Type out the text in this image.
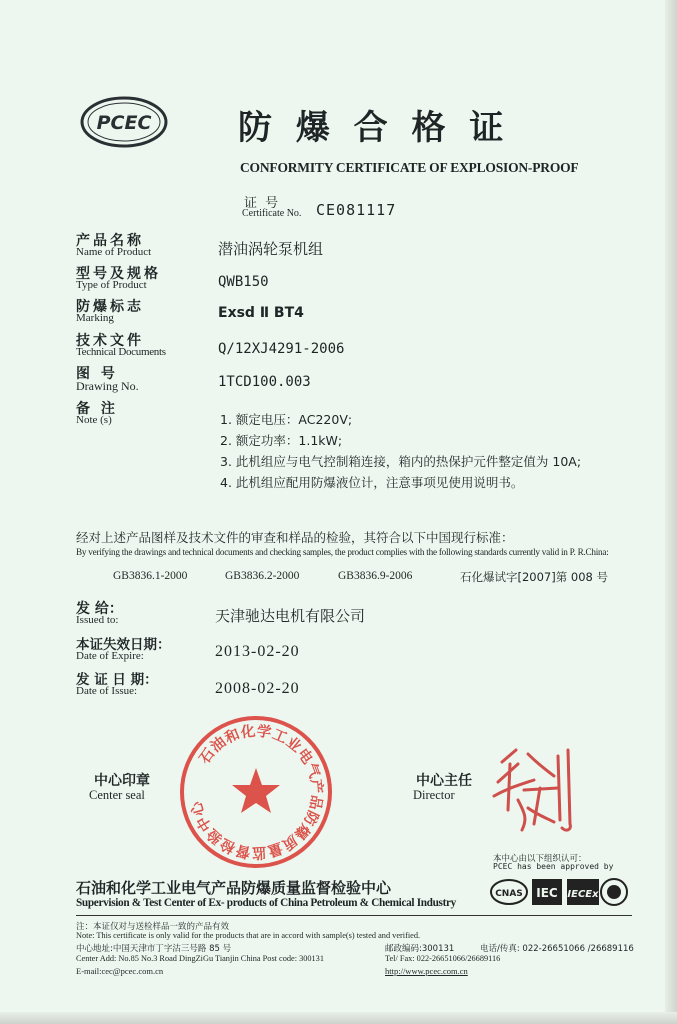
PCEC	防 爆 合 格 证
CONFORMITY CERTIFICATE OF EXPLOSION-PROOF
证 号
Certificate No. CE081117
产品名称
Name of Product	潜油涡轮泵机组
型号及规格
Type of Product	QWB150
防爆标志
Marking	Exsd Ⅱ BT4
技术文件
Technical Documents	Q/12XJ4291-2006
图 号
Drawing No.	1TCD100.003
备 注
Note (s)	1. 额定电压：AC220V;
2. 额定功率：1.1kW;
3. 此机组应与电气控制箱连接，箱内的热保护元件整定值为 10A;
4. 此机组应配用防爆液位计，注意事项见使用说明书。
经对上述产品图样及技术文件的审查和样品的检验，其符合以下中国现行标准：
By verifying the drawings and technical documents and checking samples, the product complies with the following standards currently valid in P. R.China:
GB3836.1-2000	GB3836.2-2000	GB3836.9-2006	石化爆试字[2007]第 008 号
发 给：
Issued to:	天津驰达电机有限公司
本证失效日期：
Date of Expire:	2013-02-20
发 证 日 期：
Date of Issue:	2008-02-20
中心印章
Center seal
石油和化学工业电气产品防爆质量监督检验中心
中心主任
Director
本中心由以下组织认可：
PCEC has been approved by
CNAS IEC IECEx
石油和化学工业电气产品防爆质量监督检验中心
Supervision & Test Center of Ex- products of China Petroleum & Chemical Industry
注：本证仅对与送检样品一致的产品有效
Note: This certificate is only valid for the products that are in accord with sample(s) tested and verified.
中心地址:中国天津市丁字沽三号路 85 号
Center Add: No.85 No.3 Road DingZiGu Tianjin China Post code: 300131
E-mail:cec@pcec.com.cn
邮政编码:300131	电话/传真: 022-26651066 /26689116
Tel/ Fax: 022-26651066/26689116
http://www.pcec.com.cn
